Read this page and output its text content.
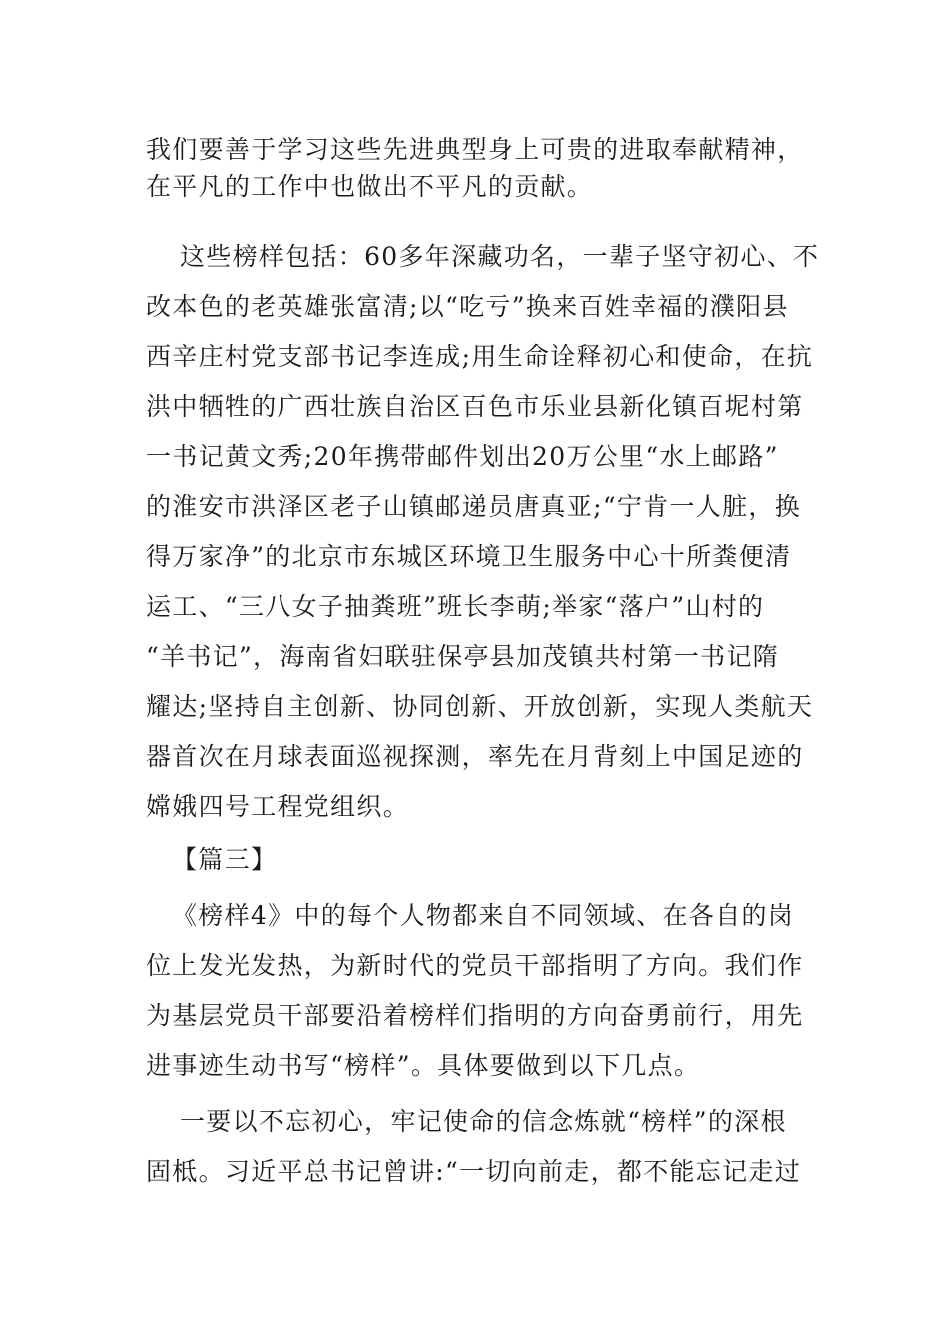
我们要善于学习这些先进典型身上可贵的进取奉献精神，
在平凡的工作中也做出不平凡的贡献。
这些榜样包括：60多年深藏功名，一辈子坚守初心、不
改本色的老英雄张富清;以“吃亏”换来百姓幸福的濮阳县
西辛庄村党支部书记李连成;用生命诠释初心和使命，在抗
洪中牺牲的广西壮族自治区百色市乐业县新化镇百坭村第
一书记黄文秀;20年携带邮件划出20万公里“水上邮路”
的淮安市洪泽区老子山镇邮递员唐真亚;“宁肯一人脏，换
得万家净”的北京市东城区环境卫生服务中心十所粪便清
运工、“三八女子抽粪班”班长李萌;举家“落户”山村的
“羊书记”，海南省妇联驻保亭县加茂镇共村第一书记隋
耀达;坚持自主创新、协同创新、开放创新，实现人类航天
器首次在月球表面巡视探测，率先在月背刻上中国足迹的
嫦娥四号工程党组织。
【篇三】
《榜样4》中的每个人物都来自不同领域、在各自的岗
位上发光发热，为新时代的党员干部指明了方向。我们作
为基层党员干部要沿着榜样们指明的方向奋勇前行，用先
进事迹生动书写“榜样”。具体要做到以下几点。
一要以不忘初心，牢记使命的信念炼就“榜样”的深根
固柢。习近平总书记曾讲:“一切向前走，都不能忘记走过
